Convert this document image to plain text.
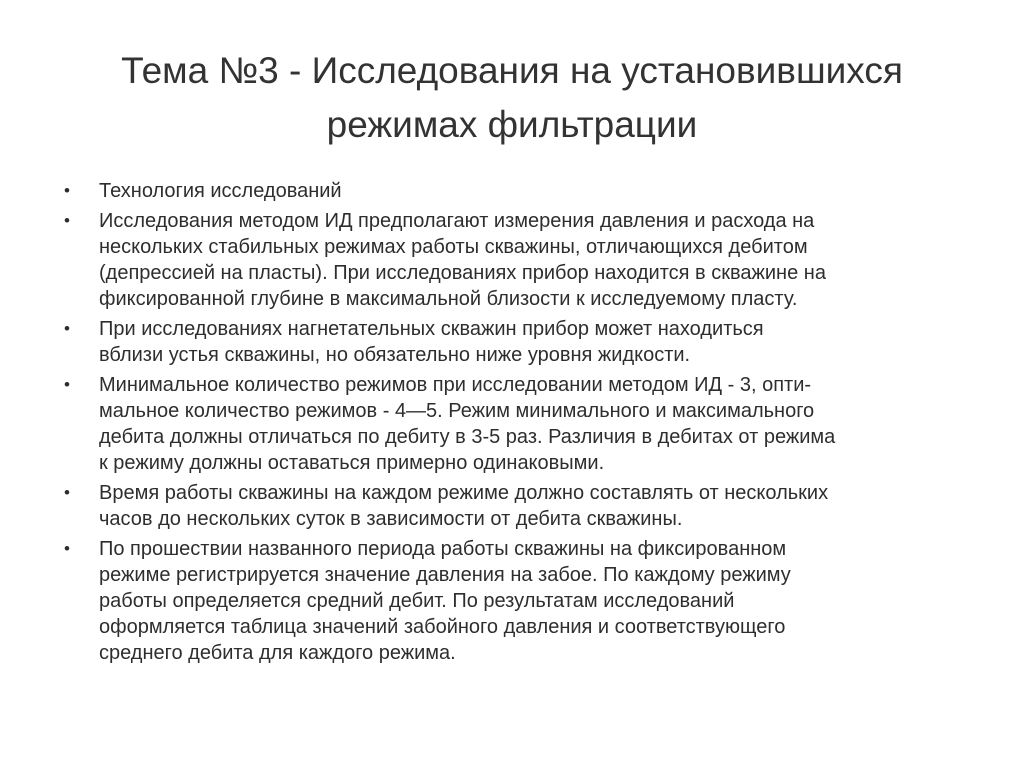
Тема №3 - Исследования на установившихся
режимах фильтрации
•	Технология исследований
•	Исследования методом ИД предполагают измерения давления и расхода на
нескольких стабильных режимах работы скважины, отличающихся дебитом
(депрессией на пласты). При исследованиях прибор находится в скважине на
фиксированной глубине в максимальной близости к исследуемому пласту.
•	При исследованиях нагнетательных скважин прибор может находиться
вблизи устья скважины, но обязательно ниже уровня жидкости.
•	Минимальное количество режимов при исследовании методом ИД - 3, опти-
мальное количество режимов - 4—5. Режим минимального и максимального
дебита должны отличаться по дебиту в 3-5 раз. Различия в дебитах от режима
к режиму должны оставаться примерно одинаковыми.
•	Время работы скважины на каждом режиме должно составлять от нескольких
часов до нескольких суток в зависимости от дебита скважины.
•	По прошествии названного периода работы скважины на фиксированном
режиме регистрируется значение давления на забое. По каждому режиму
работы определяется средний дебит. По результатам исследований
оформляется таблица значений забойного давления и соответствующего
среднего дебита для каждого режима.
